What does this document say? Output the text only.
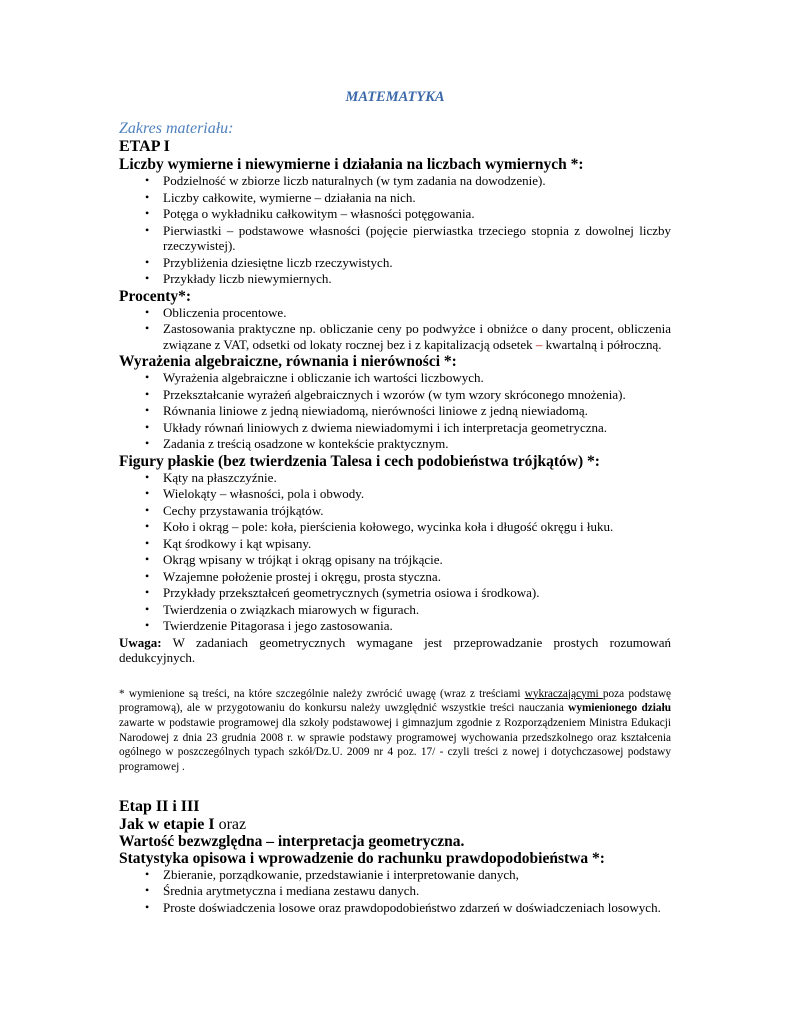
MATEMATYKA

Zakres materiału:

ETAP I

Liczby wymierne i niewymierne i działania na liczbach wymiernych *:

• Podzielność w zbiorze liczb naturalnych (w tym zadania na dowodzenie).
• Liczby całkowite, wymierne – działania na nich.
• Potęga o wykładniku całkowitym – własności potęgowania.
• Pierwiastki – podstawowe własności (pojęcie pierwiastka trzeciego stopnia z dowolnej liczby rzeczywistej).
• Przybliżenia dziesiętne liczb rzeczywistych.
• Przykłady liczb niewymiernych.

Procenty*:

• Obliczenia procentowe.
• Zastosowania praktyczne np. obliczanie ceny po podwyżce i obniżce o dany procent, obliczenia związane z VAT, odsetki od lokaty rocznej bez i z kapitalizacją odsetek – kwartalną i półroczną.

Wyrażenia algebraiczne, równania i nierówności *:

• Wyrażenia algebraiczne i obliczanie ich wartości liczbowych.
• Przekształcanie wyrażeń algebraicznych i wzorów (w tym wzory skróconego mnożenia).
• Równania liniowe z jedną niewiadomą, nierówności liniowe z jedną niewiadomą.
• Układy równań liniowych z dwiema niewiadomymi i ich interpretacja geometryczna.
• Zadania z treścią osadzone w kontekście praktycznym.

Figury płaskie (bez twierdzenia Talesa i cech podobieństwa trójkątów) *:

• Kąty na płaszczyźnie.
• Wielokąty – własności, pola i obwody.
• Cechy przystawania trójkątów.
• Koło i okrąg – pole: koła, pierścienia kołowego, wycinka koła i długość okręgu i łuku.
• Kąt środkowy i kąt wpisany.
• Okrąg wpisany w trójkąt i okrąg opisany na trójkącie.
• Wzajemne położenie prostej i okręgu, prosta styczna.
• Przykłady przekształceń geometrycznych (symetria osiowa i środkowa).
• Twierdzenia o związkach miarowych w figurach.
• Twierdzenie Pitagorasa i jego zastosowania.

Uwaga: W zadaniach geometrycznych wymagane jest przeprowadzanie prostych rozumowań dedukcyjnych.

* wymienione są treści, na które szczególnie należy zwrócić uwagę (wraz z treściami wykraczającymi poza podstawę programową), ale w przygotowaniu do konkursu należy uwzględnić wszystkie treści nauczania wymienionego działu zawarte w podstawie programowej dla szkoły podstawowej i gimnazjum zgodnie z Rozporządzeniem Ministra Edukacji Narodowej z dnia 23 grudnia 2008 r. w sprawie podstawy programowej wychowania przedszkolnego oraz kształcenia ogólnego w poszczególnych typach szkół/Dz.U. 2009 nr 4 poz. 17/ - czyli treści z nowej i dotychczasowej podstawy programowej .

Etap II i III

Jak w etapie I oraz

Wartość bezwzględna – interpretacja geometryczna.

Statystyka opisowa i wprowadzenie do rachunku prawdopodobieństwa *:

• Zbieranie, porządkowanie, przedstawianie i interpretowanie danych,
• Średnia arytmetyczna i mediana zestawu danych.
• Proste doświadczenia losowe oraz prawdopodobieństwo zdarzeń w doświadczeniach losowych.
